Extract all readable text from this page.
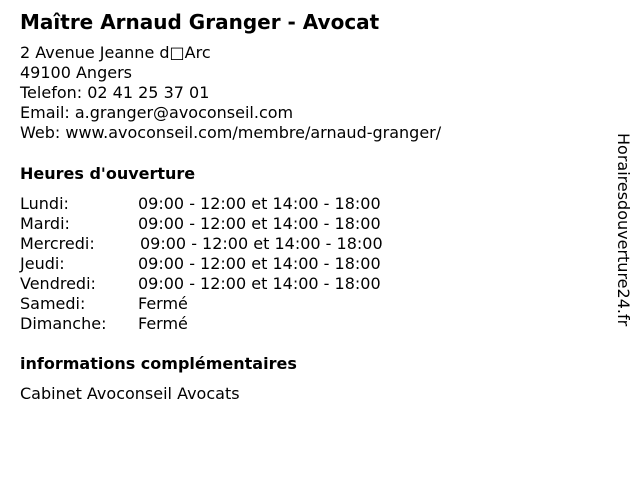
Maître Arnaud Granger - Avocat
2 Avenue Jeanne d□Arc
49100 Angers
Telefon: 02 41 25 37 01
Email: a.granger@avoconseil.com
Web: www.avoconseil.com/membre/arnaud-granger/
Heures d'ouverture
Lundi:	09:00 - 12:00 et 14:00 - 18:00
Mardi:	09:00 - 12:00 et 14:00 - 18:00
Mercredi:	09:00 - 12:00 et 14:00 - 18:00
Jeudi:	09:00 - 12:00 et 14:00 - 18:00
Vendredi:	09:00 - 12:00 et 14:00 - 18:00
Samedi:	Fermé
Dimanche: Fermé
informations complémentaires
Cabinet Avoconseil Avocats
Horairesdouverture24.fr
